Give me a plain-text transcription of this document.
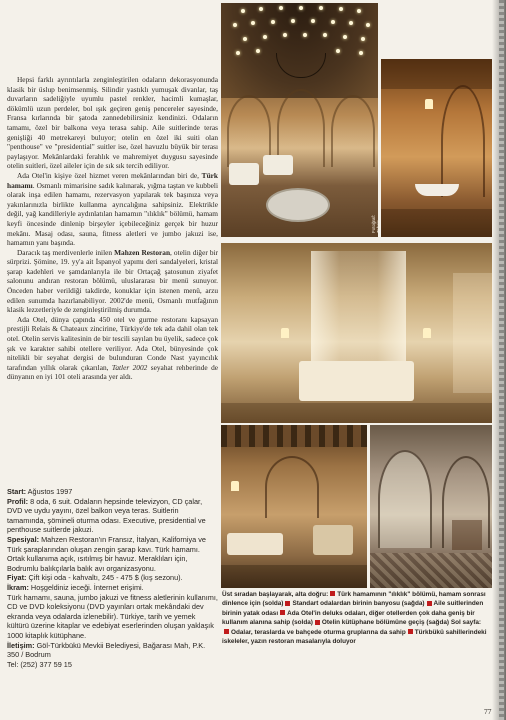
Hepsi farklı ayrıntılarla zenginleştirilen odaların dekorasyonunda klasik bir üslup benimsenmiş. Silindir yastıklı yumuşak divanlar, taş duvarların sadeliğiyle uyumlu pastel renkler, hacimli kumaşlar, dökümlü uzun perdeler, bol ışık geçiren geniş pencereler sayesinde, Fransa kırlarında bir şatoda zannedebilirsiniz kendinizi. Odaların tamamı, özel bir balkona veya terasa sahip. Aile suitlerinde teras genişliği 40 metrekareyi buluyor; otelin en özel iki suiti olan "penthouse" ve "presidential" suitler ise, özel havuzlu büyük bir terası paylaşıyor. Mekânlardaki ferahlık ve mahremiyet duygusu sayesinde otelin suitleri, özel aileler için de sık sık tercih ediliyor.

Ada Otel'in kişiye özel hizmet veren mekânlarından biri de, Türk hamamı. Osmanlı mimarisine sadık kalınarak, yığma taştan ve kubbeli olarak inşa edilen hamamı, rezervasyon yapılarak tek başınıza veya yakınlarınızla birlikte kullanma ayrıcalığına sahipsiniz. Elektrikle değil, yağ kandilleriyle aydınlatılan hamamın "ılıklık" bölümü, hamam keyfi öncesinde dinlenip birşeyler içebileceğiniz gerçek bir huzur mekânı. Masaj odası, sauna, fitness aletleri ve jumbo jakuzi ise, hamamın yanı başında.

Daracık taş merdivenlerle inilen Mahzen Restoran, otelin diğer bir sürprizi. Şömine, 19. yy'a ait İspanyol yapımı deri sandalyeleri, kristal şarap kadehleri ve şamdanlarıyla ile bir Ortaçağ şatosunun ziyafet salonunu andıran restoran bölümü, uluslararası bir menü sunuyor. Önceden haber verildiği takdirde, konuklar için istenen menü, arzu edilen sunumda hazırlanabiliyor. 2002'de menü, Osmanlı mutfağının klasik lezzetleriyle de zenginleştirilmiş durumda.

Ada Otel, dünya çapında 450 otel ve gurme restoranı kapsayan prestijli Relais & Chateaux zincirine, Türkiye'de tek ada dahil olan tek otel. Otelin servis kalitesinin de bir tescili sayılan bu üyelik, sadece çok şık ve karakter sahibi otellere veriliyor. Ada Otel, bünyesinde çok nitelikli bir seyahat dergisi de bulunduran Conde Nast yayıncılık tarafından yıllık olarak çıkarılan, Tatler 2002 seyahat rehberinde de dünyanın en iyi 101 oteli arasında yer aldı.

Start: Ağustos 1997

Profil: 8 oda, 6 suit. Odaların hepsinde televizyon, CD çalar, DVD ve uydu yayını, özel balkon veya teras. Suitlerin tamamında, şömineli oturma odası. Executive, presidential ve penthouse suitlerde jakuzi.

Spesiyal: Mahzen Restoran'ın Fransız, İtalyan, Kaliforniya ve Türk şaraplarından oluşan zengin şarap kavı. Türk hamamı. Ortak kullanıma açık, ısıtılmış bir havuz. Meraklıları için, Bodrumlu balıkçılarla balık avı organizasyonu.

Fiyat: Çift kişi oda - kahvaltı, 245 - 475 $ (kış sezonu).

İkram: Hoşgeldiniz ieceği. İnternet erişimi.

Türk hamamı, sauna, jumbo jakuzi ve fitness aletlerinin kullanımı, CD ve DVD koleksiyonu (DVD yayınları ortak mekândaki dev ekranda veya odalarda izlenebilir). Türkiye, tarih ve yemek kültürü üzerine kitaplar ve edebiyat eserlerinden oluşan yaklaşık 1000 kitaplık kütüphane.

İletişim: Göl-Türkbükü Mevkii Belediyesi, Bağarası Mah, P.K. 350 / Bodrum

Tel: (252) 377 59 15

Fotoğraf: Tahsin
Üst sıradan başlayarak, alta doğru: Türk hamamının "ılıklık" bölümü, hamam sonrası dinlence için (solda) Standart odalardan birinin banyosu (sağda) Aile suitlerinden birinin yatak odası Ada Otel'in deluks odaları, diğer otellerden çok daha geniş bir kullanım alanına sahip (solda) Otelin kütüphane bölümüne geçiş (sağda) Sol sayfa:Odalar, teraslarda ve bahçede oturma gruplarına da sahip Türkbükü sahillerindeki iskeleler, yazın restoran masalarıyla doluyor
77
